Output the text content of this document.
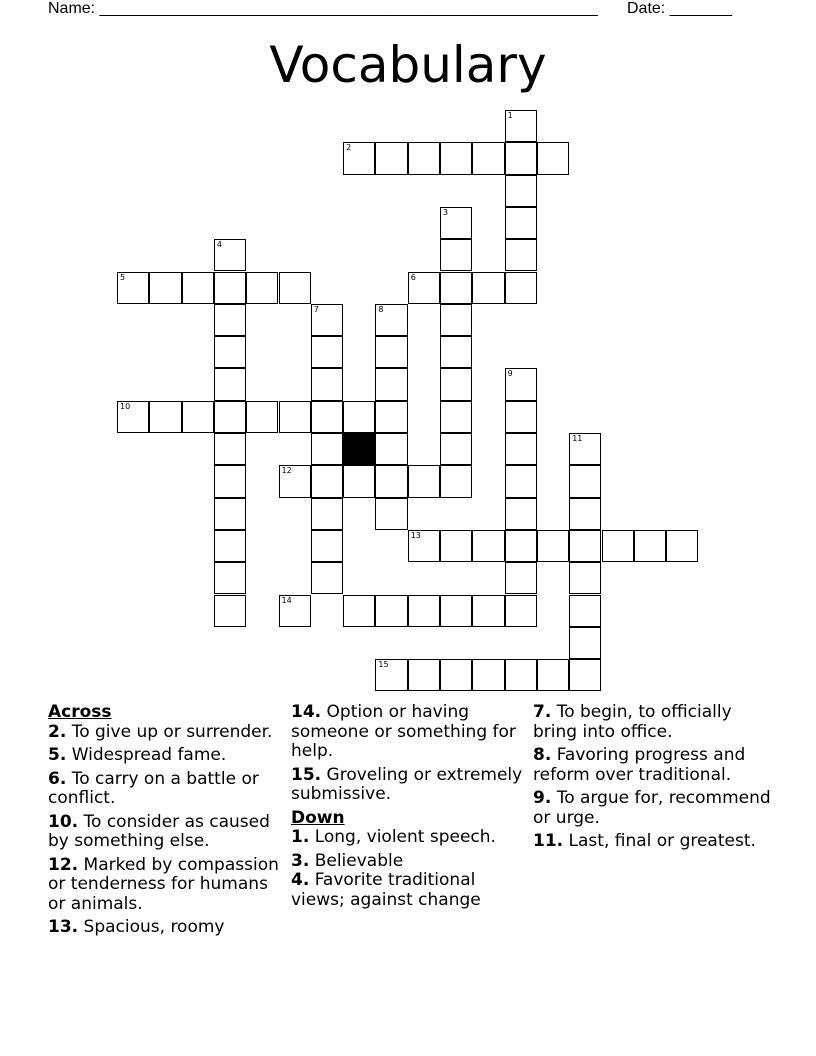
Name: ________________________________________________________ Date: _______
Vocabulary
1
2
3
4
5	6
7	8
9
10
11
12
13
14
15
Across
2. To give up or surrender.
5. Widespread fame.
6. To carry on a battle or conflict.
10. To consider as caused by something else.
12. Marked by compassion or tenderness for humans or animals.
13. Spacious, roomy
14. Option or having someone or something for help.
15. Groveling or extremely submissive.
Down
1. Long, violent speech.
3. Believable
4. Favorite traditional views; against change
7. To begin, to officially bring into office.
8. Favoring progress and reform over traditional.
9. To argue for, recommend or urge.
11. Last, final or greatest.
